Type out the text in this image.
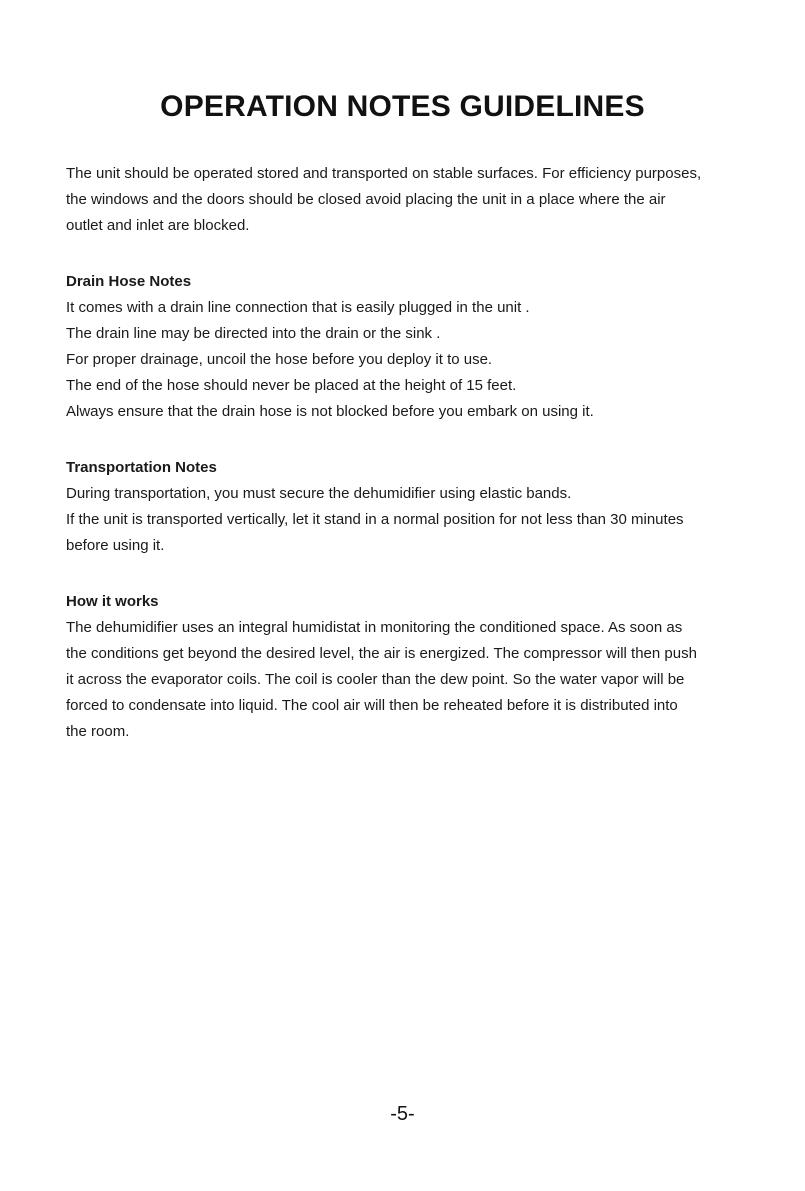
OPERATION NOTES GUIDELINES
The unit should be operated stored and transported on stable surfaces. For efficiency purposes,
the windows and the doors should be closed avoid placing the unit in a place where the air
outlet and inlet are blocked.
Drain Hose Notes
It comes with a drain line connection that is easily plugged in the unit .
The drain line may be directed into the drain or the sink .
For proper drainage, uncoil the hose before you deploy it to use.
The end of the hose should never be placed at the height of 15 feet.
Always ensure that the drain hose is not blocked before you embark on using it.
Transportation Notes
During transportation, you must secure the dehumidifier using elastic bands.
If the unit is transported vertically, let it stand in a normal position for not less than 30 minutes
before using it.
How it works
The dehumidifier uses an integral humidistat in monitoring the conditioned space. As soon as
the conditions get beyond the desired level, the air is energized. The compressor will then push
it across the evaporator coils. The coil is cooler than the dew point. So the water vapor will be
forced to condensate into liquid. The cool air will then be reheated before it is distributed into
the room.
-5-
